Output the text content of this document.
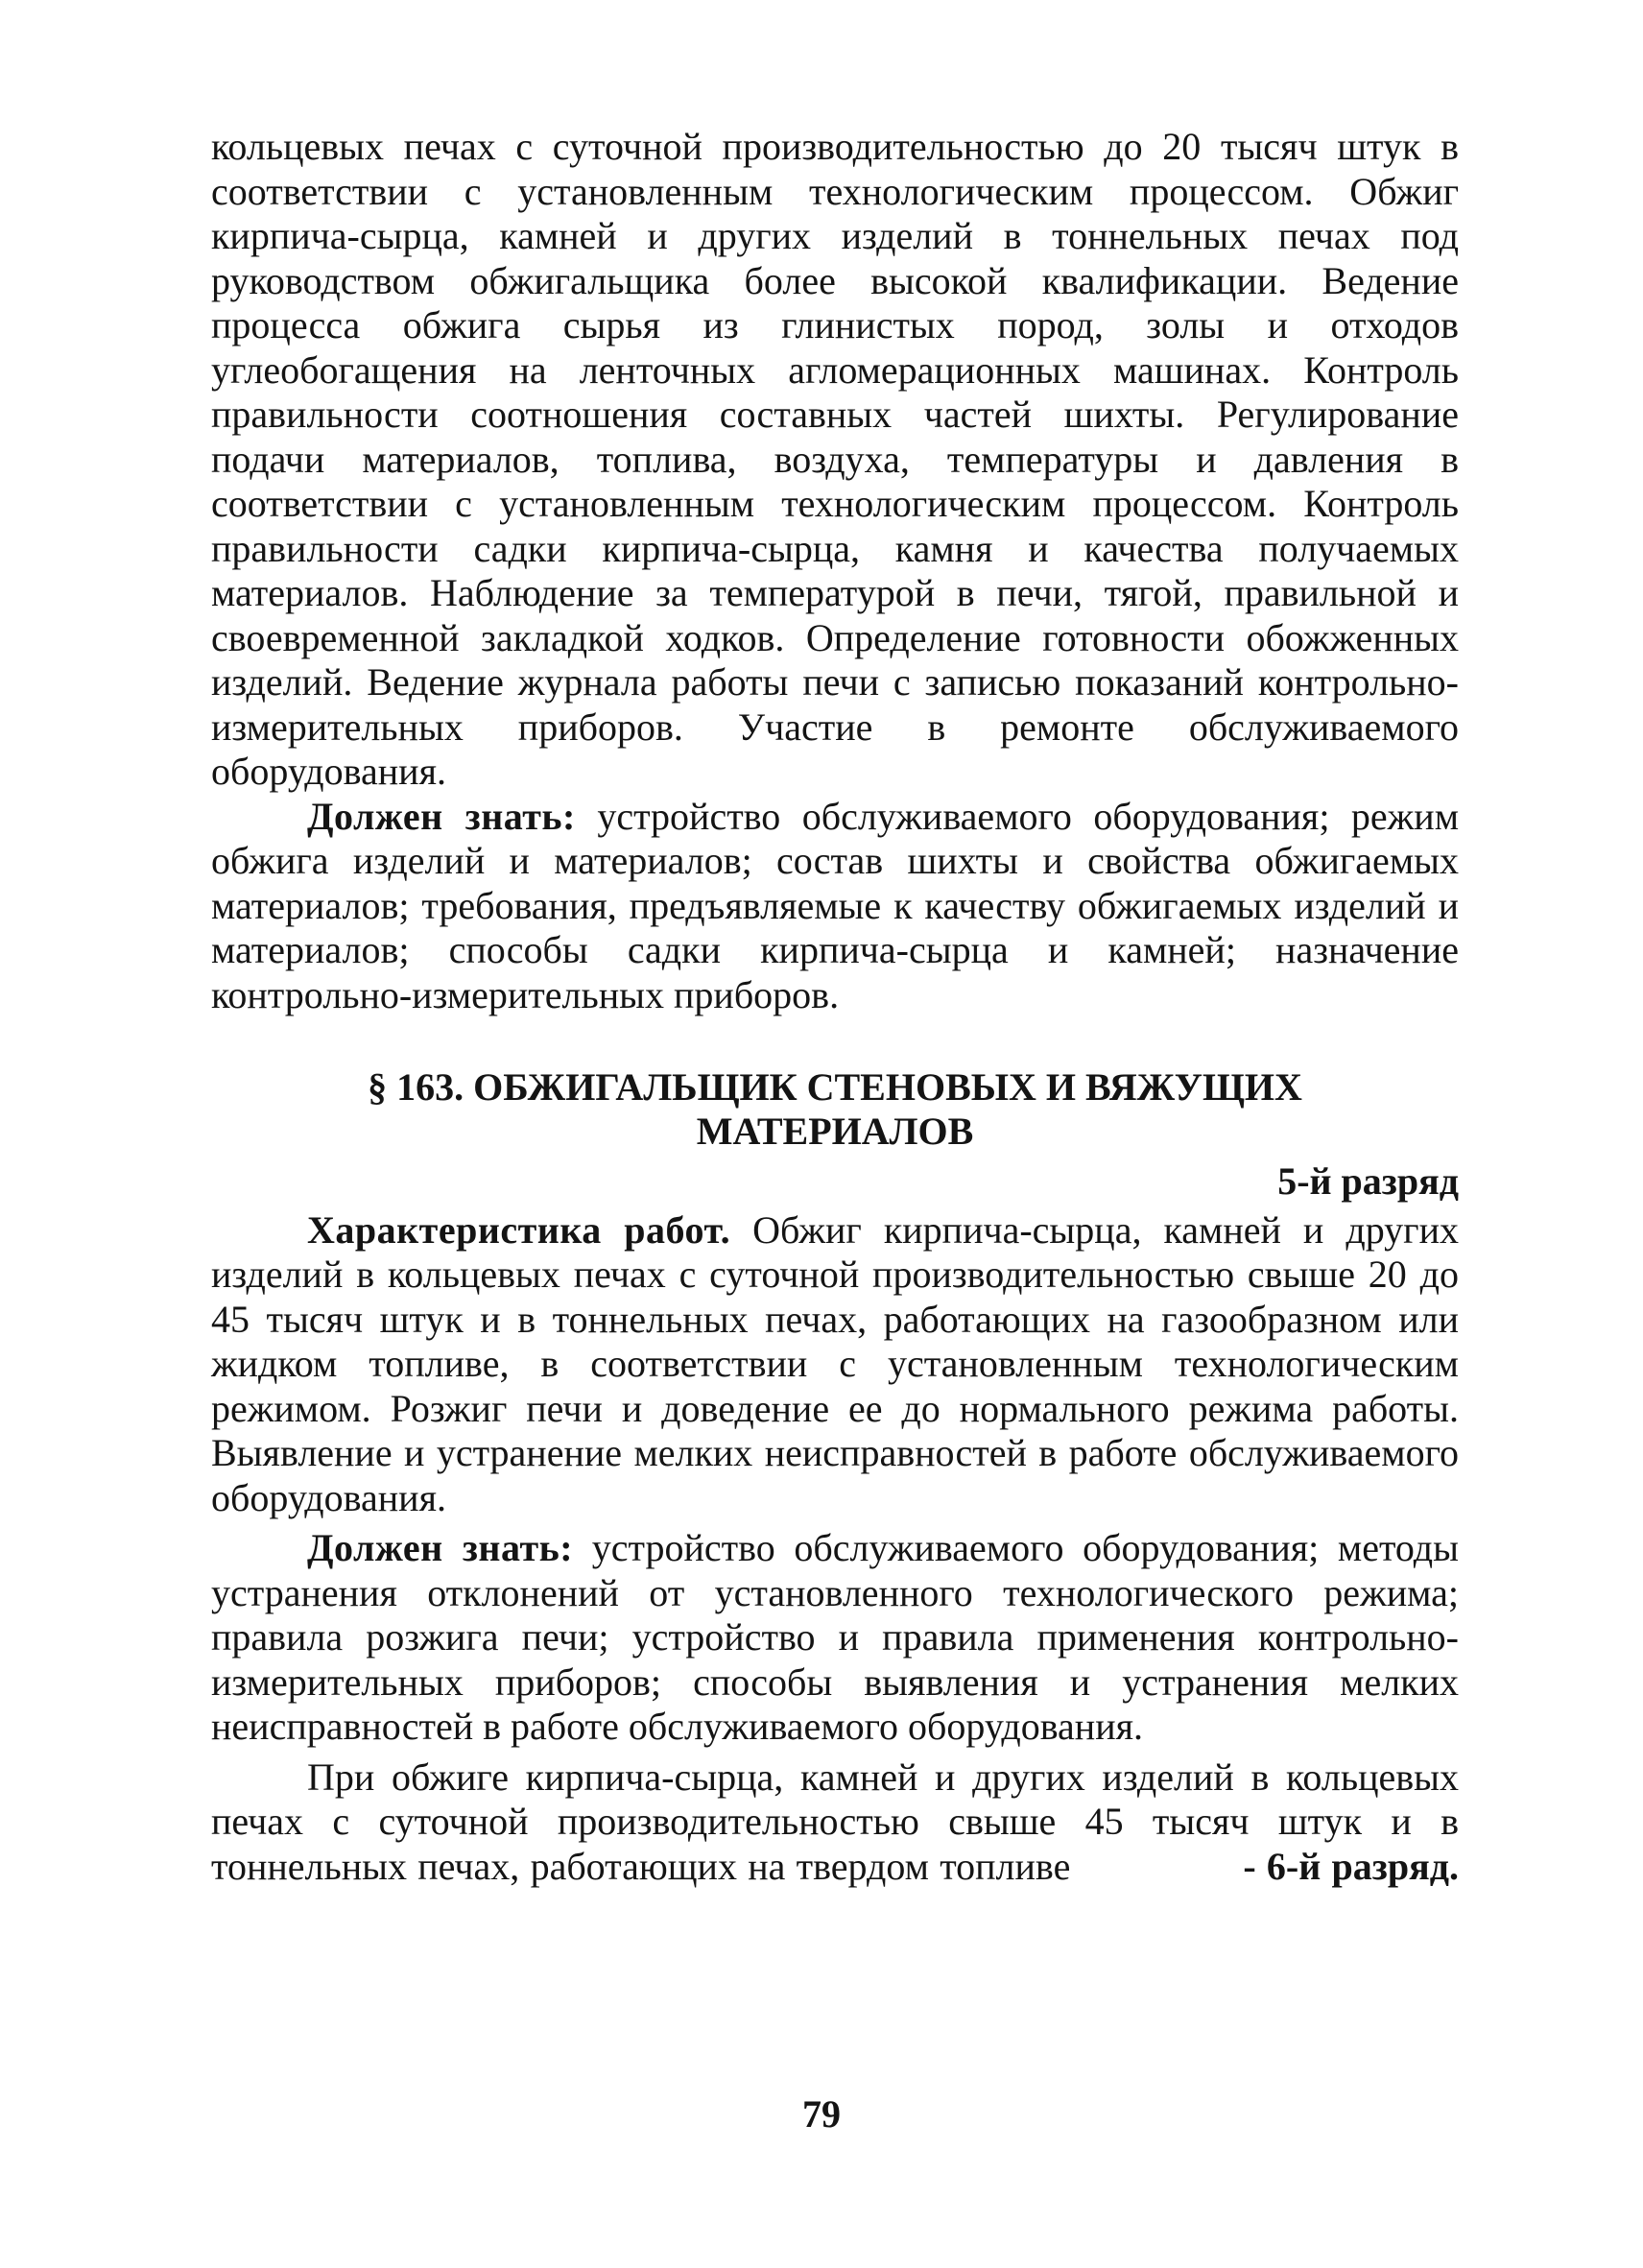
кольцевых печах с суточной производительностью до 20 тысяч штук в соответствии с установленным технологическим процессом. Обжиг кирпича-сырца, камней и других изделий в тоннельных печах под руководством обжигальщика более высокой квалификации. Ведение процесса обжига сырья из глинистых пород, золы и отходов углеобогащения на ленточных агломерационных машинах. Контроль правильности соотношения составных частей шихты. Регулирование подачи материалов, топлива, воздуха, температуры и давления в соответствии с установленным технологическим процессом. Контроль правильности садки кирпича-сырца, камня и качества получаемых материалов. Наблюдение за температурой в печи, тягой, правильной и своевременной закладкой ходков. Определение готовности обожженных изделий. Ведение журнала работы печи с записью показаний контрольно-измерительных приборов. Участие в ремонте обслуживаемого оборудования.

Должен знать: устройство обслуживаемого оборудования; режим обжига изделий и материалов; состав шихты и свойства обжигаемых материалов; требования, предъявляемые к качеству обжигаемых изделий и материалов; способы садки кирпича-сырца и камней; назначение контрольно-измерительных приборов.

§ 163. ОБЖИГАЛЬЩИК СТЕНОВЫХ И ВЯЖУЩИХ
МАТЕРИАЛОВ
5-й разряд

Характеристика работ. Обжиг кирпича-сырца, камней и других изделий в кольцевых печах с суточной производительностью свыше 20 до 45 тысяч штук и в тоннельных печах, работающих на газообразном или жидком топливе, в соответствии с установленным технологическим режимом. Розжиг печи и доведение ее до нормального режима работы. Выявление и устранение мелких неисправностей в работе обслуживаемого оборудования.

Должен знать: устройство обслуживаемого оборудования; методы устранения отклонений от установленного технологического режима; правила розжига печи; устройство и правила применения контрольно-измерительных приборов; способы выявления и устранения мелких неисправностей в работе обслуживаемого оборудования.

При обжиге кирпича-сырца, камней и других изделий в кольцевых печах с суточной производительностью свыше 45 тысяч штук и в тоннельных печах, работающих на твердом топливе	- 6-й разряд.

79
